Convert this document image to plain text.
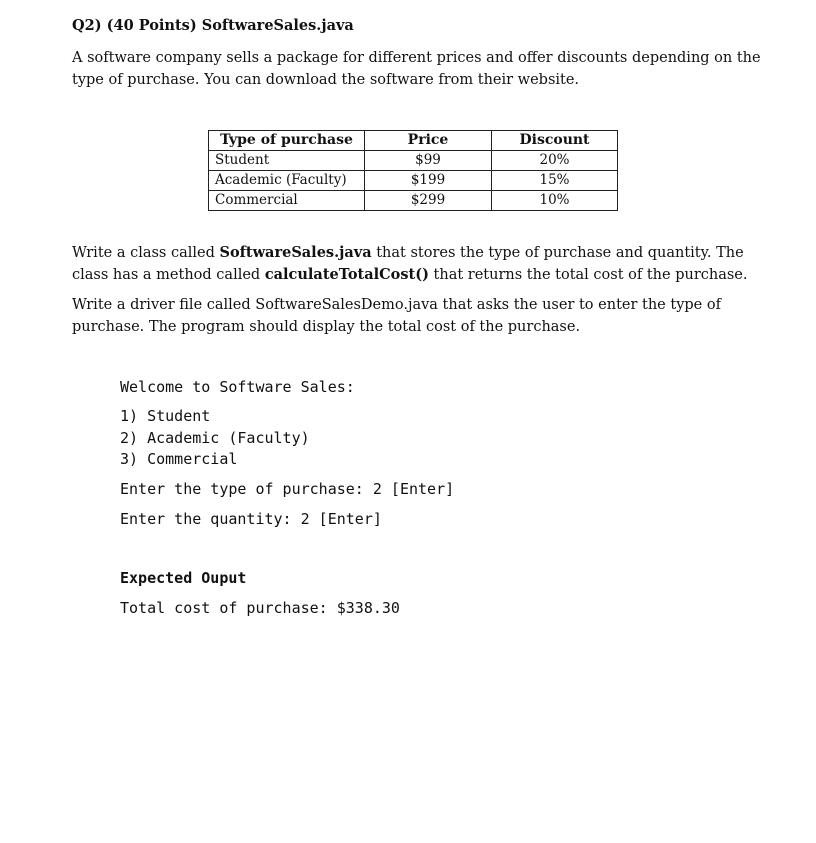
Q2) (40 Points) SoftwareSales.java
A software company sells a package for different prices and offer discounts depending on the type of purchase. You can download the software from their website.
Type of purchase	Price	Discount
Student	$99	20%
Academic (Faculty)	$199	15%
Commercial	$299	10%
Write a class called SoftwareSales.java that stores the type of purchase and quantity. The class has a method called calculateTotalCost() that returns the total cost of the purchase.
Write a driver file called SoftwareSalesDemo.java that asks the user to enter the type of purchase. The program should display the total cost of the purchase.
Welcome to Software Sales:
1) Student
2) Academic (Faculty)
3) Commercial
Enter the type of purchase: 2 [Enter]
Enter the quantity: 2 [Enter]
Expected Ouput
Total cost of purchase: $338.30
